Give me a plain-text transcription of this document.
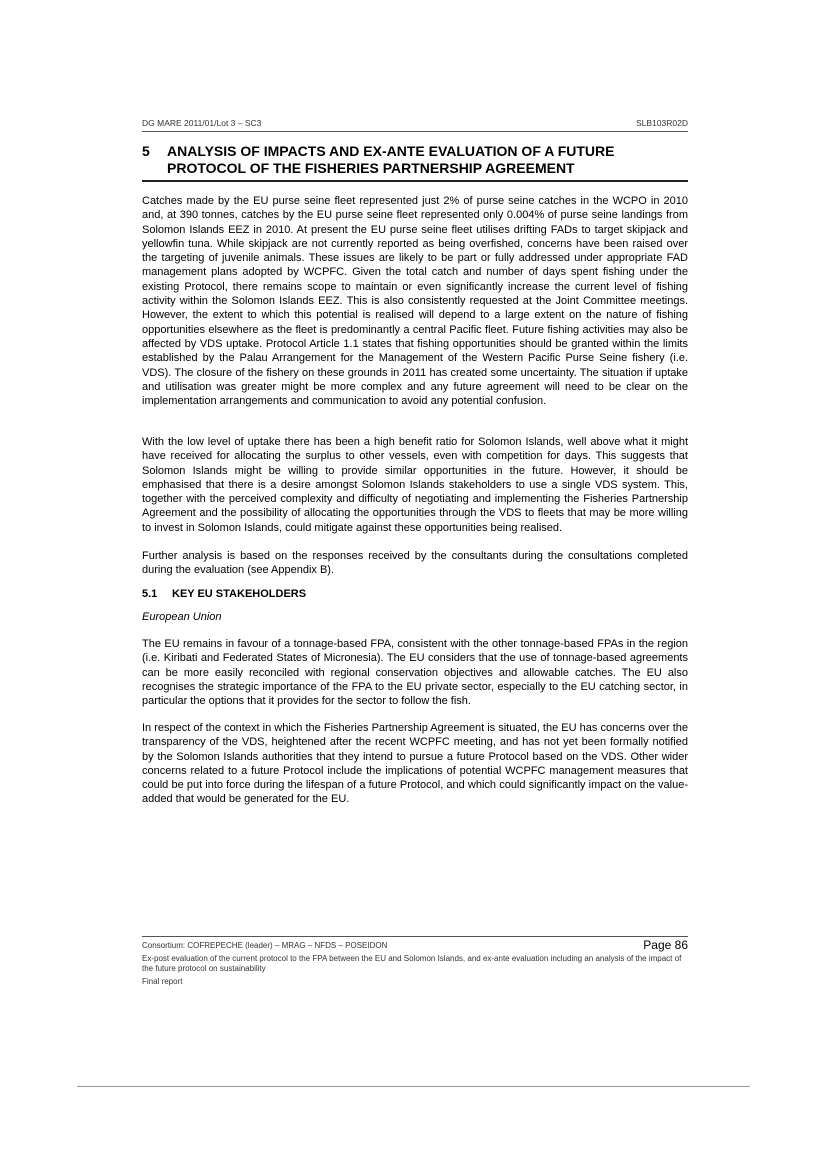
DG MARE 2011/01/Lot 3 – SC3	SLB103R02D
5 ANALYSIS OF IMPACTS AND EX-ANTE EVALUATION OF A FUTURE PROTOCOL OF THE FISHERIES PARTNERSHIP AGREEMENT
Catches made by the EU purse seine fleet represented just 2% of purse seine catches in the WCPO in 2010 and, at 390 tonnes, catches by the EU purse seine fleet represented only 0.004% of purse seine landings from Solomon Islands EEZ in 2010. At present the EU purse seine fleet utilises drifting FADs to target skipjack and yellowfin tuna. While skipjack are not currently reported as being overfished, concerns have been raised over the targeting of juvenile animals. These issues are likely to be part or fully addressed under appropriate FAD management plans adopted by WCPFC. Given the total catch and number of days spent fishing under the existing Protocol, there remains scope to maintain or even significantly increase the current level of fishing activity within the Solomon Islands EEZ. This is also consistently requested at the Joint Committee meetings. However, the extent to which this potential is realised will depend to a large extent on the nature of fishing opportunities elsewhere as the fleet is predominantly a central Pacific fleet. Future fishing activities may also be affected by VDS uptake. Protocol Article 1.1 states that fishing opportunities should be granted within the limits established by the Palau Arrangement for the Management of the Western Pacific Purse Seine fishery (i.e. VDS). The closure of the fishery on these grounds in 2011 has created some uncertainty. The situation if uptake and utilisation was greater might be more complex and any future agreement will need to be clear on the implementation arrangements and communication to avoid any potential confusion.
With the low level of uptake there has been a high benefit ratio for Solomon Islands, well above what it might have received for allocating the surplus to other vessels, even with competition for days. This suggests that Solomon Islands might be willing to provide similar opportunities in the future. However, it should be emphasised that there is a desire amongst Solomon Islands stakeholders to use a single VDS system. This, together with the perceived complexity and difficulty of negotiating and implementing the Fisheries Partnership Agreement and the possibility of allocating the opportunities through the VDS to fleets that may be more willing to invest in Solomon Islands, could mitigate against these opportunities being realised.
Further analysis is based on the responses received by the consultants during the consultations completed during the evaluation (see Appendix B).
5.1 KEY EU STAKEHOLDERS
European Union
The EU remains in favour of a tonnage-based FPA, consistent with the other tonnage-based FPAs in the region (i.e. Kiribati and Federated States of Micronesia). The EU considers that the use of tonnage-based agreements can be more easily reconciled with regional conservation objectives and allowable catches. The EU also recognises the strategic importance of the FPA to the EU private sector, especially to the EU catching sector, in particular the options that it provides for the sector to follow the fish.
In respect of the context in which the Fisheries Partnership Agreement is situated, the EU has concerns over the transparency of the VDS, heightened after the recent WCPFC meeting, and has not yet been formally notified by the Solomon Islands authorities that they intend to pursue a future Protocol based on the VDS. Other wider concerns related to a future Protocol include the implications of potential WCPFC management measures that could be put into force during the lifespan of a future Protocol, and which could significantly impact on the value-added that would be generated for the EU.
Consortium: COFREPECHE (leader) – MRAG – NFDS – POSEIDON	Page 86
Ex-post evaluation of the current protocol to the FPA between the EU and Solomon Islands, and ex-ante evaluation including an analysis of the impact of the future protocol on sustainability
Final report
